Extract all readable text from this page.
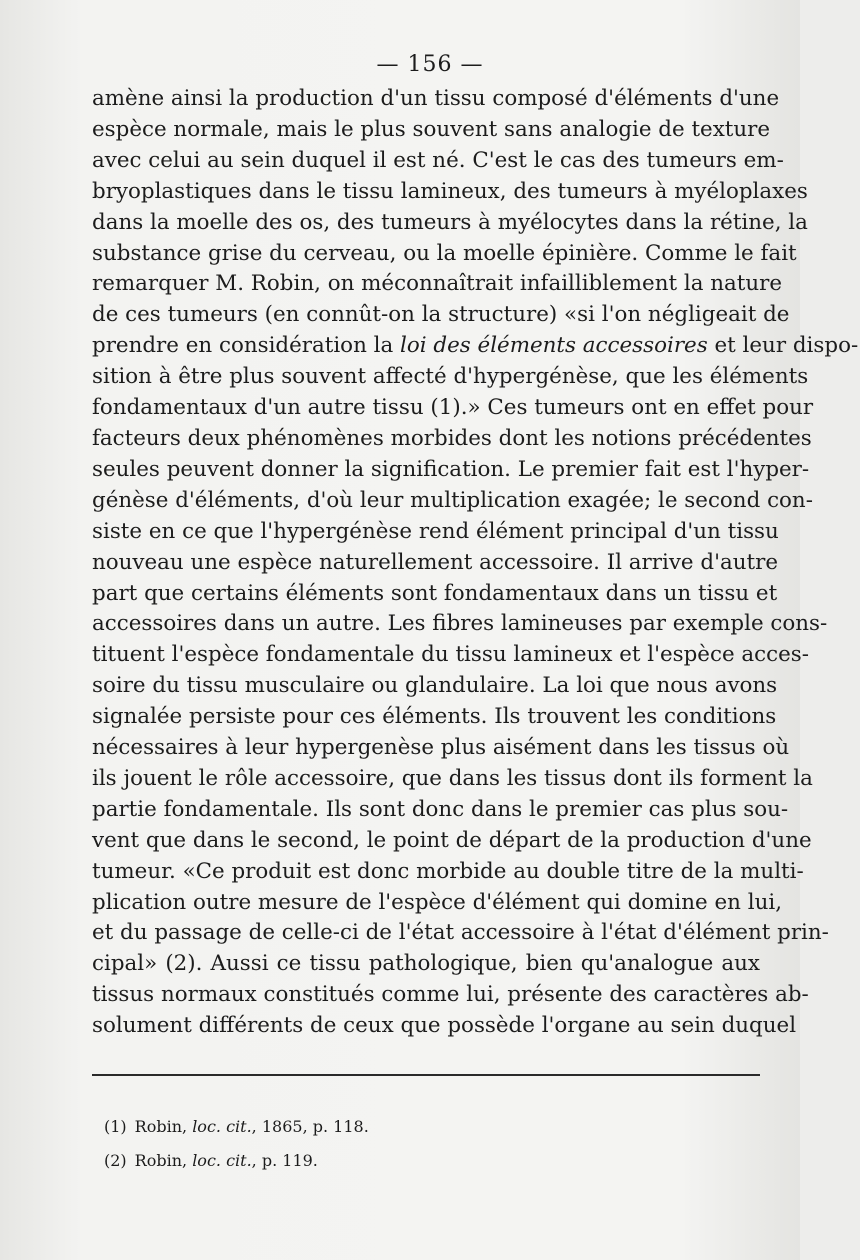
— 156 —
amène ainsi la production d'un tissu composé d'éléments d'une
espèce normale, mais le plus souvent sans analogie de texture
avec celui au sein duquel il est né. C'est le cas des tumeurs em-
bryoplastiques dans le tissu lamineux, des tumeurs à myéloplaxes
dans la moelle des os, des tumeurs à myélocytes dans la rétine, la
substance grise du cerveau, ou la moelle épinière. Comme le fait
remarquer M. Robin, on méconnaîtrait infailliblement la nature
de ces tumeurs (en connût-on la structure) «si l'on négligeait de
prendre en considération la loi des éléments accessoires et leur dispo-
sition à être plus souvent affecté d'hypergénèse, que les éléments
fondamentaux d'un autre tissu (1).» Ces tumeurs ont en effet pour
facteurs deux phénomènes morbides dont les notions précédentes
seules peuvent donner la signification. Le premier fait est l'hyper-
génèse d'éléments, d'où leur multiplication exagée; le second con-
siste en ce que l'hypergénèse rend élément principal d'un tissu
nouveau une espèce naturellement accessoire. Il arrive d'autre
part que certains éléments sont fondamentaux dans un tissu et
accessoires dans un autre. Les fibres lamineuses par exemple cons-
tituent l'espèce fondamentale du tissu lamineux et l'espèce acces-
soire du tissu musculaire ou glandulaire. La loi que nous avons
signalée persiste pour ces éléments. Ils trouvent les conditions
nécessaires à leur hypergenèse plus aisément dans les tissus où
ils jouent le rôle accessoire, que dans les tissus dont ils forment la
partie fondamentale. Ils sont donc dans le premier cas plus sou-
vent que dans le second, le point de départ de la production d'une
tumeur. «Ce produit est donc morbide au double titre de la multi-
plication outre mesure de l'espèce d'élément qui domine en lui,
et du passage de celle-ci de l'état accessoire à l'état d'élément prin-
cipal» (2). Aussi ce tissu pathologique, bien qu'analogue aux
tissus normaux constitués comme lui, présente des caractères ab-
solument différents de ceux que possède l'organe au sein duquel
(1) Robin, loc. cit., 1865, p. 118.
(2) Robin, loc. cit., p. 119.
